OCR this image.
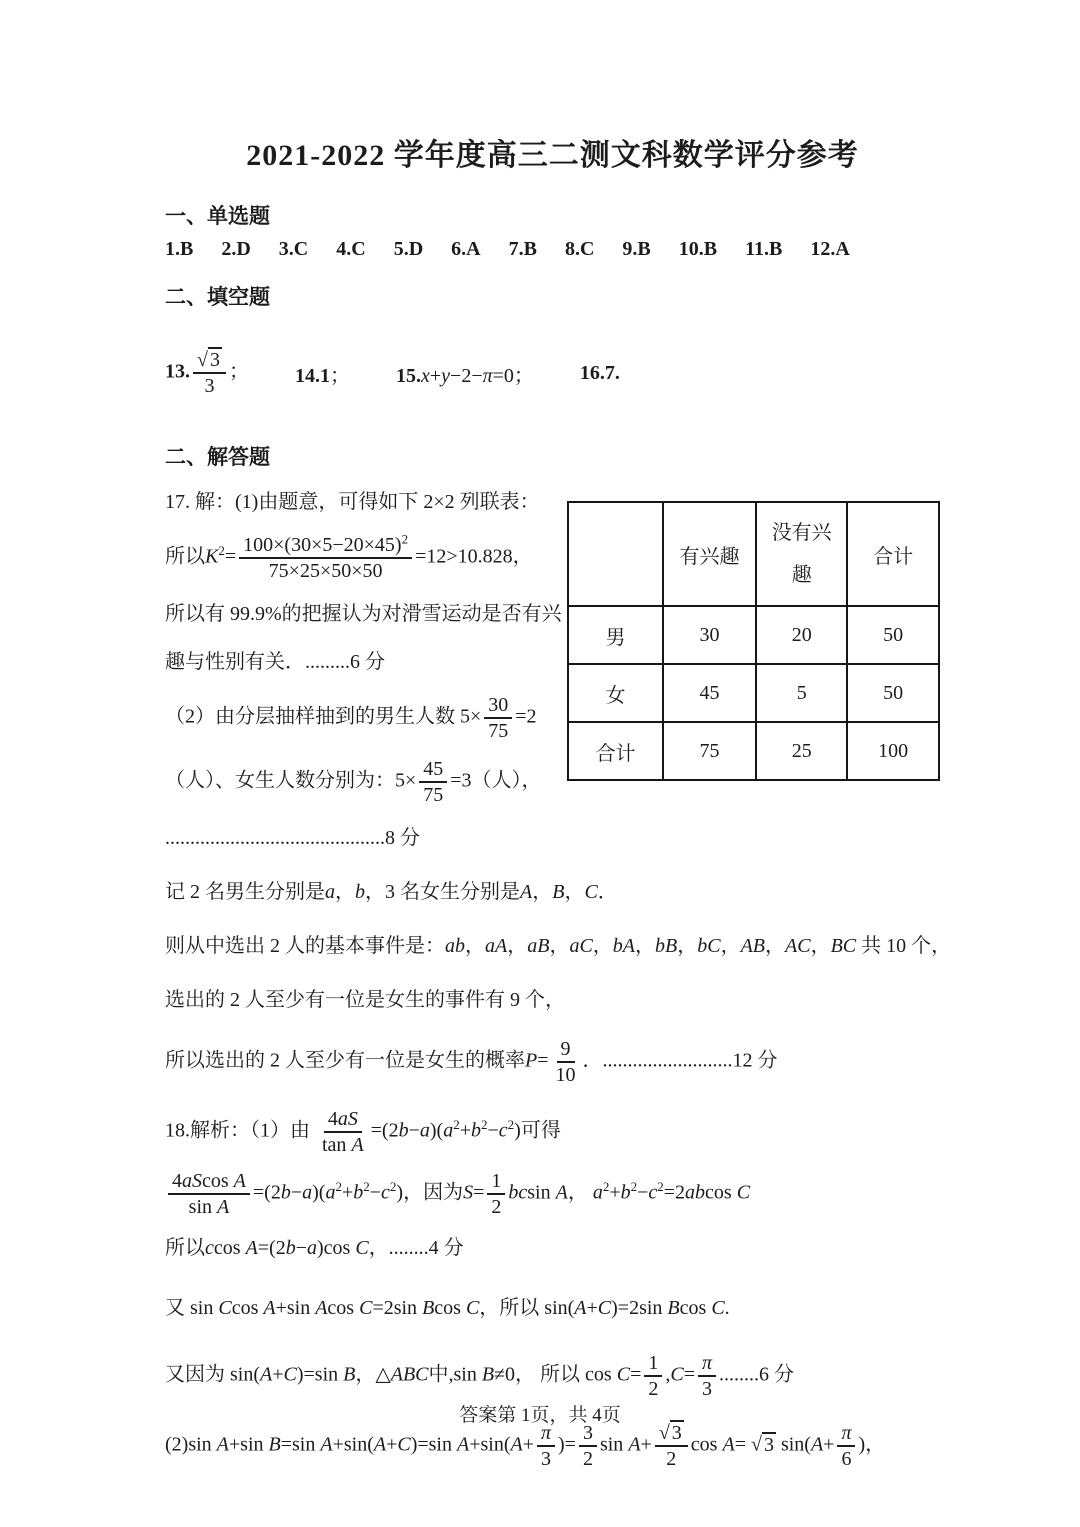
2021-2022 学年度高三二测文科数学评分参考
一、单选题
1.B 2.D 3.C 4.C 5.D 6.A 7.B 8.C 9.B 10.B 11.B 12.A
二、填空题
13. $\frac{√ 3}{3}$ ； 14.1； 15.x+y−2−π=0； 16.7.
二、解答题
17. 解：(1)由题意，可得如下 2×2 列联表：
所以$K^2= \frac{100\times(30\times 5-20\times 45)^2}{75\times 25\times 50\times 50} =12>10.828$，
所以有 99.9%的把握认为对滑雪运动是否有兴
趣与性别有关．.........6 分
（2）由分层抽样抽到的男生人数 $5\times \frac{30}{75} =2$
（人）、女生人数分别为：$5\times \frac{45}{75} =3$（人），
............................................8 分
	有兴趣	没有兴趣	合计
男	30	20	50
女	45	5	50
合计	75	25	100
记 2 名男生分别是a，b，3 名女生分别是A，B，C．
则从中选出 2 人的基本事件是：ab，aA，aB，aC，bA，bB，bC，AB，AC，BC 共 10 个，
选出的 2 人至少有一位是女生的事件有 9 个，
所以选出的 2 人至少有一位是女生的概率$P= \frac{9}{10}$ ．..........................12 分
18.解析：（1）由 $\frac{4aS}{\text{tan A}} =(2b-a)(a^2+b^2-c^2)$可得
$\frac{\text{4aScos A}}{\text{sin A}} =(2b-a)(a^2+b^2-c^2)$，因为$S= \frac{1}{2}$ bcsin A， $a^2+b^2-c^2=2abcos$ C
所以ccos A=(2b−a)cos C，........4 分
又 sin Ccos A+sin Acos C=2sin Bcos C，所以 sin(A+C)=2sin Bcos C.
又因为 sin(A+C)=sin B，△ABC中,sin B≠0， 所以 $\cos C= \frac{1}{2} ,C= \frac{\pi}{3} ........6$ 分
(2)sin A+sin B=sin A+sin(A+C)=sin $A+\sin(A+ \frac{\pi}{3}$ )= $\frac{3}{2}$ $\sin A+ \frac{√ 3}{2}$ cos A= √ 3 $\sin(A+ \frac{\pi}{6}$ )，
答案第 1页，共 4页
